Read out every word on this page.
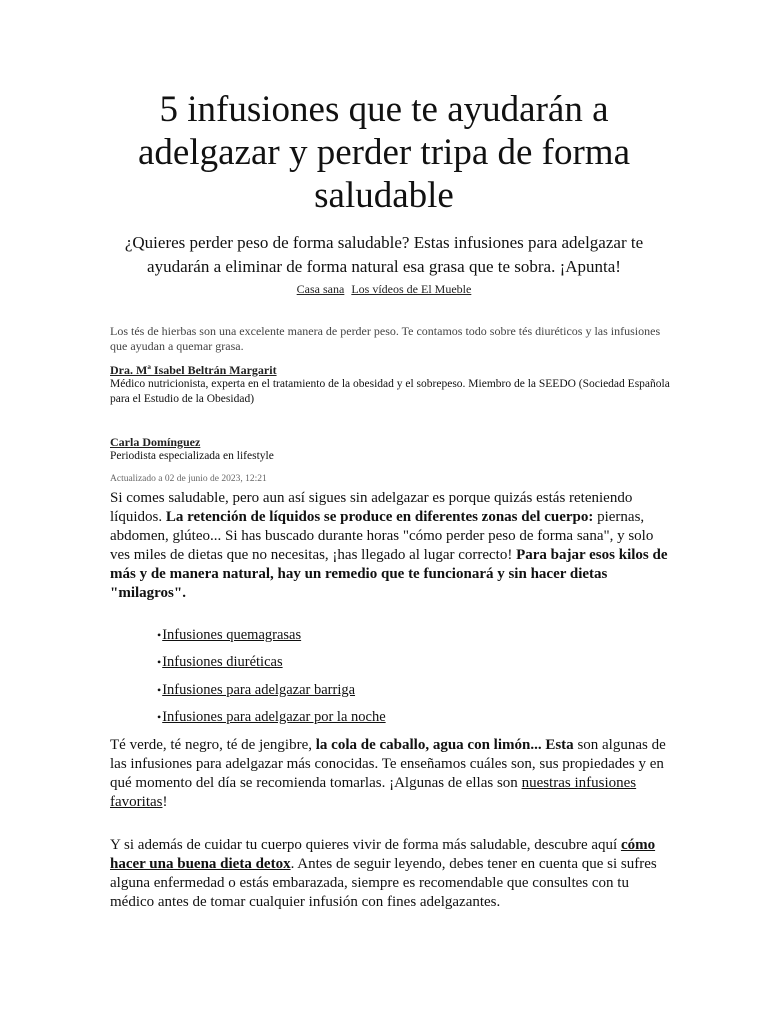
5 infusiones que te ayudarán a adelgazar y perder tripa de forma saludable

¿Quieres perder peso de forma saludable? Estas infusiones para adelgazar te ayudarán a eliminar de forma natural esa grasa que te sobra. ¡Apunta!

Casa sana Los vídeos de El Mueble

Los tés de hierbas son una excelente manera de perder peso. Te contamos todo sobre tés diuréticos y las infusiones que ayudan a quemar grasa.

Dra. Mª Isabel Beltrán Margarit
Médico nutricionista, experta en el tratamiento de la obesidad y el sobrepeso. Miembro de la SEEDO (Sociedad Española para el Estudio de la Obesidad)
Carla Domínguez
Periodista especializada en lifestyle
Actualizado a 02 de junio de 2023, 12:21

Si comes saludable, pero aun así sigues sin adelgazar es porque quizás estás reteniendo líquidos. La retención de líquidos se produce en diferentes zonas del cuerpo: piernas, abdomen, glúteo... Si has buscado durante horas "cómo perder peso de forma sana", y solo ves miles de dietas que no necesitas, ¡has llegado al lugar correcto! Para bajar esos kilos de más y de manera natural, hay un remedio que te funcionará y sin hacer dietas "milagros".

•Infusiones quemagrasas
•Infusiones diuréticas
•Infusiones para adelgazar barriga
•Infusiones para adelgazar por la noche

Té verde, té negro, té de jengibre, la cola de caballo, agua con limón... Esta son algunas de las infusiones para adelgazar más conocidas. Te enseñamos cuáles son, sus propiedades y en qué momento del día se recomienda tomarlas. ¡Algunas de ellas son nuestras infusiones favoritas!

Y si además de cuidar tu cuerpo quieres vivir de forma más saludable, descubre aquí cómo hacer una buena dieta detox. Antes de seguir leyendo, debes tener en cuenta que si sufres alguna enfermedad o estás embarazada, siempre es recomendable que consultes con tu médico antes de tomar cualquier infusión con fines adelgazantes.
